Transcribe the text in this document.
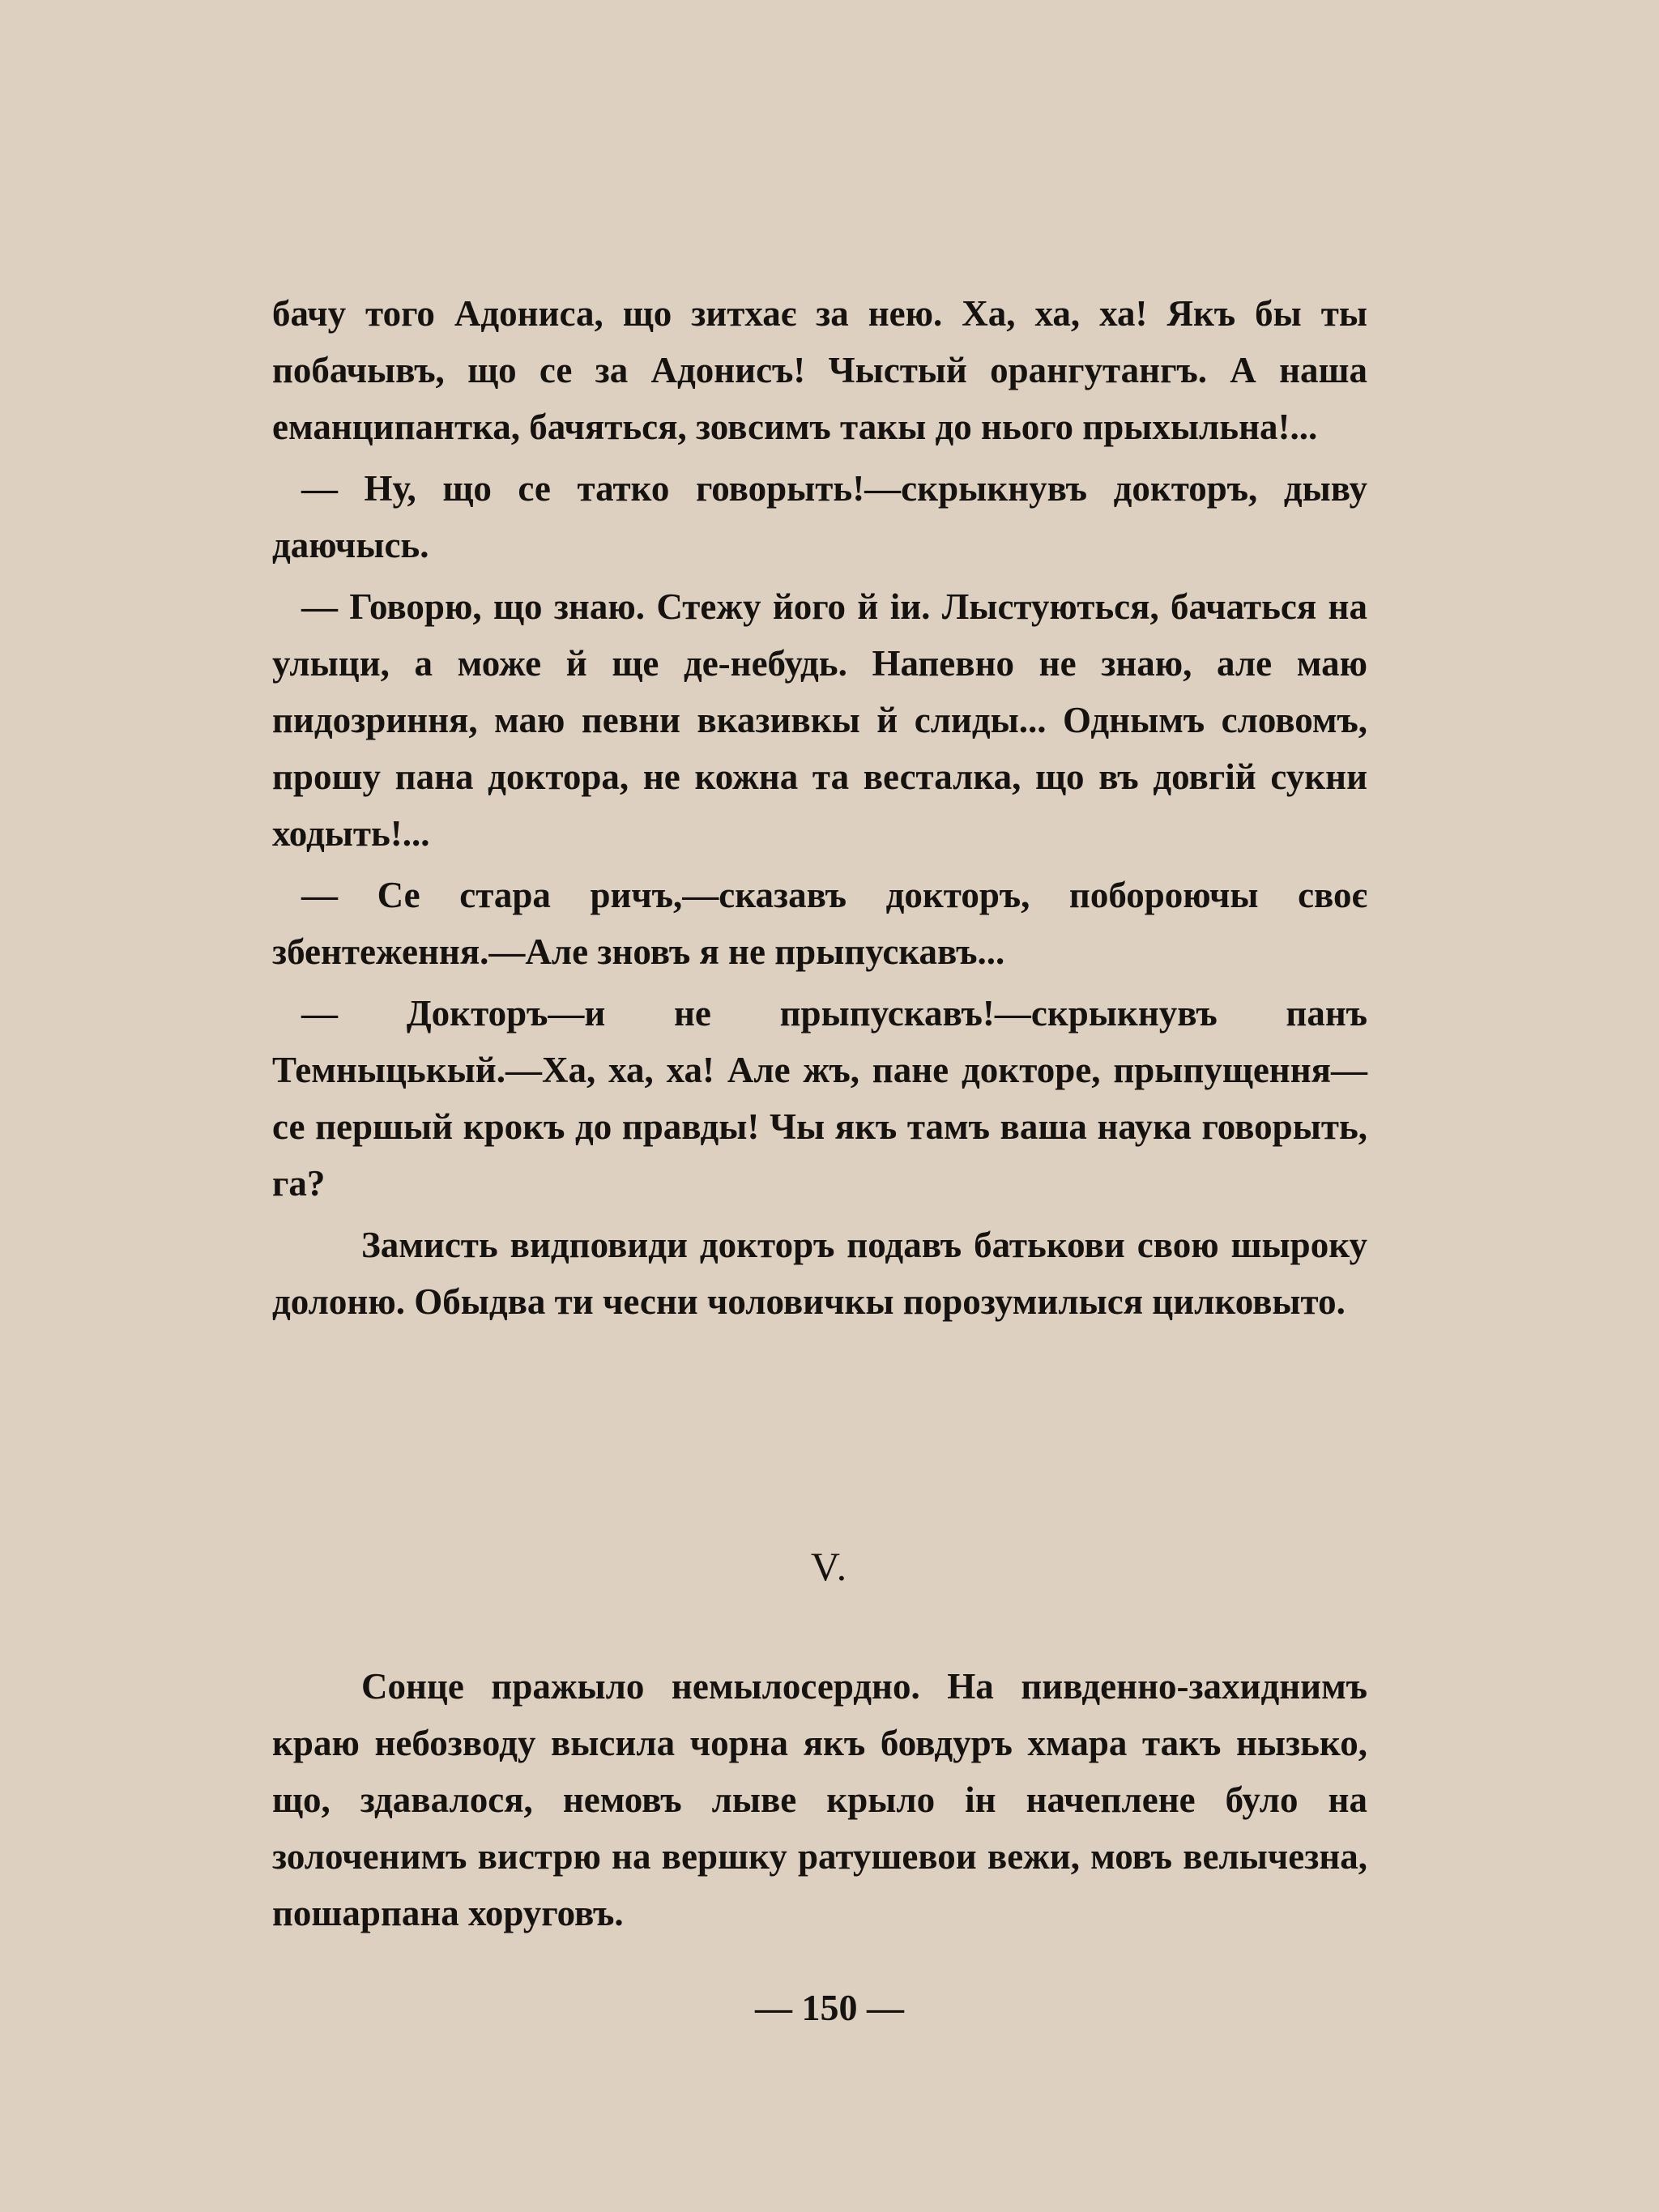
бачу того Адониса, що зитхає за нею. Ха, ха, ха! Якъ бы ты побачывъ, що се за Адонисъ! Чыстый орангутангъ. А наша еманципантка, бачяться, зовсимъ такы до нього прыхыльна!...

— Ну, що се татко говорыть!—скрыкнувъ докторъ, дыву даючысь.

— Говорю, що знаю. Стежу його й іи. Лыстуються, бачаться на улыци, а може й ще де-небудь. Напевно не знаю, але маю пидозриння, маю певни вказивкы й слиды... Однымъ словомъ, прошу пана доктора, не кожна та весталка, що въ довгій сукни ходыть!...

— Се стара ричъ,—сказавъ докторъ, побороючы своє збентеження.—Але зновъ я не прыпускавъ...

— Докторъ—и не прыпускавъ!—скрыкнувъ панъ Темныцькый.—Ха, ха, ха! Але жъ, пане докторе, прыпущення—се першый крокъ до правды! Чы якъ тамъ ваша наука говорыть, га?

Замисть видповиди докторъ подавъ батькови свою шыроку долоню. Обыдва ти чесни чоловичкы порозумилыся цилковыто.

V.

Сонце пражыло немылосердно. На пивденно-захиднимъ краю небозводу высила чорна якъ бовдуръ хмара такъ нызько, що, здавалося, немовъ лыве крыло ін начеплене було на золоченимъ вистрю на вершку ратушевои вежи, мовъ велычезна, пошарпана хоруговъ.

— 150 —
